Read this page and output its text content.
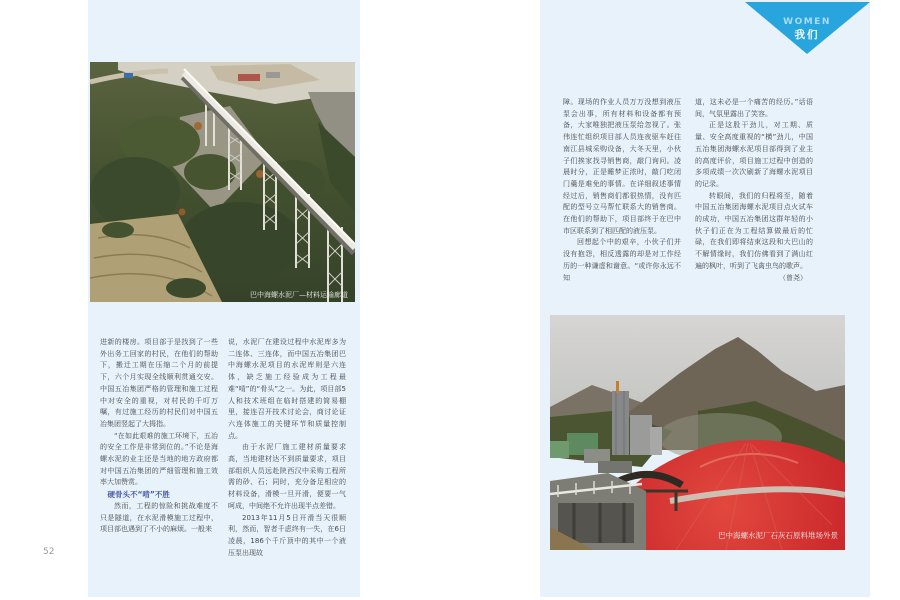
巴中海螺水泥厂—材料运输廊道

进新的楼房。项目部于是找到了一些外出务工回家的村民，在他们的帮助下，搬迁工期在压缩二个月的前提下，六个月实现全线顺利贯通交安。中国五冶集团严格的管理和施工过程中对安全的重视，对村民的千叮万嘱，有过施工经历的村民们对中国五冶集团竖起了大拇指。

“在如此艰难的施工环境下，五冶的安全工作是非常到位的。”不论是海螺水泥的业主还是当地的地方政府都对中国五冶集团的严细管理和施工效率大加赞赏。

硬骨头不“啃”不胜

然而，工程的惊险和挑战难度不只是隧道，在水泥滑模施工过程中，项目部也遇到了不小的麻烦。一般来

说，水泥厂在建设过程中水泥库多为二连体、三连体，而中国五冶集团巴中海螺水泥项目的水泥库则是六连体，缺乏施工经验成为工程最难“啃”的“骨头”之一。为此，项目部5人和技术班组在临时搭建的简易棚里，接连召开技术讨论会，商讨论证六连体施工的关键环节和质量控制点。

由于水泥厂施工建材质量要求高，当地建材达不到质量要求，项目部组织人员远赴陕西汉中采购工程所需的砂、石；同时，充分备足相应的材料设备，滑模一旦开滑，便要一气呵成，中间绝不允许出现半点差错。

2013年11月5日开滑当天很顺利，然而，智者千虑终有一失，在6日凌晨，186个千斤顶中的其中一个液压泵出现故

52

障。现场的作业人员万万没想到液压泵会出事，所有材料和设备都有预备，大家唯独把液压泵给忽视了。张伟连忙组织项目部人员连夜驱车赶往南江县城采购设备，大冬天里，小伙子们挨家找寻销售商，敲门询问。凌晨时分，正是睡梦正浓时，敲门吃闭门羹是难免的事情。在详细叙述事情经过后，销售商们都很热情，没有匹配的型号立马帮忙联系大的销售商。在他们的帮助下，项目部终于在巴中市区联系到了相匹配的液压泵。

回想起个中的艰辛，小伙子们并没有抱怨，相反透露的却是对工作经历的一种谦虚和谢意。“或许你永远不知

道，这未必是一个痛苦的经历。”话语间，气氛里露出了笑容。

正是这股干劲儿，对工期、质量、安全高度重视的“横”劲儿，中国五冶集团海螺水泥项目部得到了业主的高度评价，项目施工过程中创造的多项成绩一次次刷新了海螺水泥项目的记录。

转眼间，我们的归程将至，随着中国五冶集团海螺水泥项目点火试车的成功，中国五冶集团这群年轻的小伙子们正在为工程结算做最后的忙碌，在我们即将结束这段和大巴山的不解情缘时，我们仿佛看到了满山红遍的枫叶，听到了飞禽虫鸟的歌声。

（曾尧）

巴中海螺水泥厂石灰石原料堆场外景
WOMEN
我们
